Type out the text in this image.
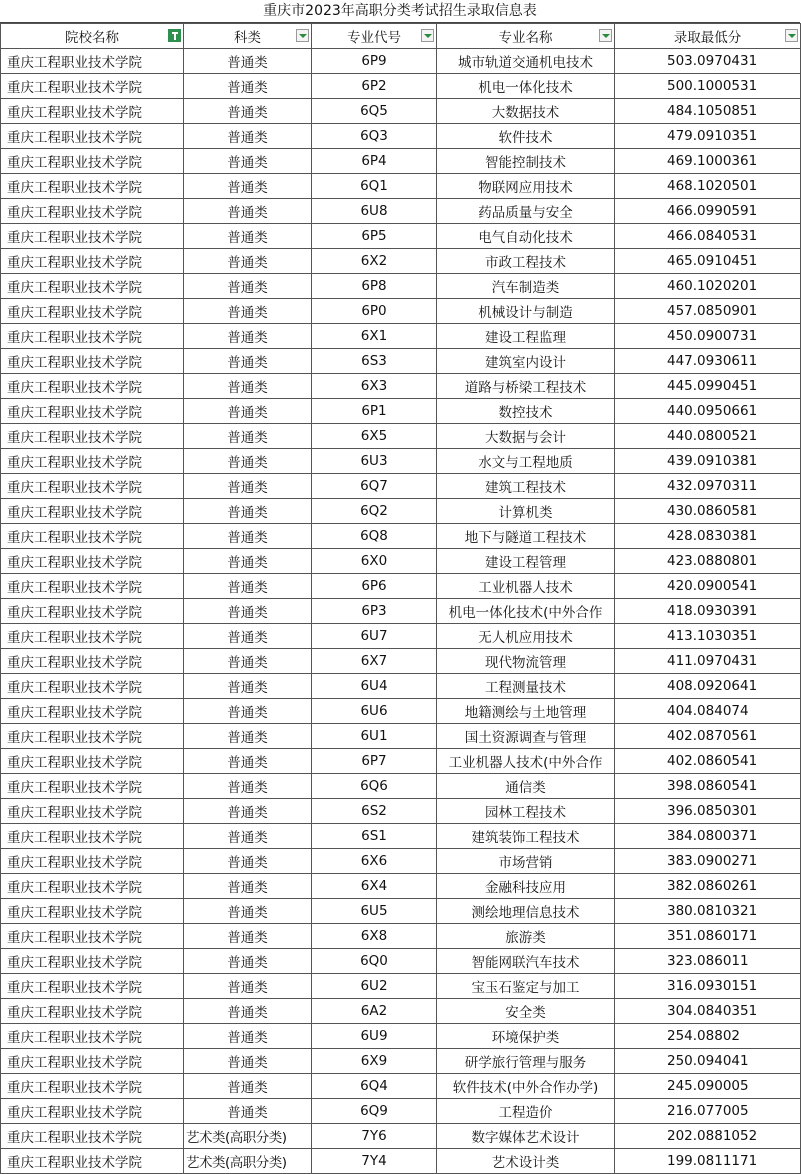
重庆市2023年高职分类考试招生录取信息表
院校名称	科类	专业代号	专业名称	录取最低分

重庆工程职业技术学院	普通类	6P9	城市轨道交通机电技术	503.0970431
重庆工程职业技术学院	普通类	6P2	机电一体化技术	500.1000531
重庆工程职业技术学院	普通类	6Q5	大数据技术	484.1050851
重庆工程职业技术学院	普通类	6Q3	软件技术	479.0910351
重庆工程职业技术学院	普通类	6P4	智能控制技术	469.1000361
重庆工程职业技术学院	普通类	6Q1	物联网应用技术	468.1020501
重庆工程职业技术学院	普通类	6U8	药品质量与安全	466.0990591
重庆工程职业技术学院	普通类	6P5	电气自动化技术	466.0840531
重庆工程职业技术学院	普通类	6X2	市政工程技术	465.0910451
重庆工程职业技术学院	普通类	6P8	汽车制造类	460.1020201
重庆工程职业技术学院	普通类	6P0	机械设计与制造	457.0850901
重庆工程职业技术学院	普通类	6X1	建设工程监理	450.0900731
重庆工程职业技术学院	普通类	6S3	建筑室内设计	447.0930611
重庆工程职业技术学院	普通类	6X3	道路与桥梁工程技术	445.0990451
重庆工程职业技术学院	普通类	6P1	数控技术	440.0950661
重庆工程职业技术学院	普通类	6X5	大数据与会计	440.0800521
重庆工程职业技术学院	普通类	6U3	水文与工程地质	439.0910381
重庆工程职业技术学院	普通类	6Q7	建筑工程技术	432.0970311
重庆工程职业技术学院	普通类	6Q2	计算机类	430.0860581
重庆工程职业技术学院	普通类	6Q8	地下与隧道工程技术	428.0830381
重庆工程职业技术学院	普通类	6X0	建设工程管理	423.0880801
重庆工程职业技术学院	普通类	6P6	工业机器人技术	420.0900541
重庆工程职业技术学院	普通类	6P3	机电一体化技术(中外合作	418.0930391
重庆工程职业技术学院	普通类	6U7	无人机应用技术	413.1030351
重庆工程职业技术学院	普通类	6X7	现代物流管理	411.0970431
重庆工程职业技术学院	普通类	6U4	工程测量技术	408.0920641
重庆工程职业技术学院	普通类	6U6	地籍测绘与土地管理	404.084074
重庆工程职业技术学院	普通类	6U1	国土资源调查与管理	402.0870561
重庆工程职业技术学院	普通类	6P7	工业机器人技术(中外合作	402.0860541
重庆工程职业技术学院	普通类	6Q6	通信类	398.0860541
重庆工程职业技术学院	普通类	6S2	园林工程技术	396.0850301
重庆工程职业技术学院	普通类	6S1	建筑装饰工程技术	384.0800371
重庆工程职业技术学院	普通类	6X6	市场营销	383.0900271
重庆工程职业技术学院	普通类	6X4	金融科技应用	382.0860261
重庆工程职业技术学院	普通类	6U5	测绘地理信息技术	380.0810321
重庆工程职业技术学院	普通类	6X8	旅游类	351.0860171
重庆工程职业技术学院	普通类	6Q0	智能网联汽车技术	323.086011
重庆工程职业技术学院	普通类	6U2	宝玉石鉴定与加工	316.0930151
重庆工程职业技术学院	普通类	6A2	安全类	304.0840351
重庆工程职业技术学院	普通类	6U9	环境保护类	254.08802
重庆工程职业技术学院	普通类	6X9	研学旅行管理与服务	250.094041
重庆工程职业技术学院	普通类	6Q4	软件技术(中外合作办学)	245.090005
重庆工程职业技术学院	普通类	6Q9	工程造价	216.077005
重庆工程职业技术学院	艺术类(高职分类)	7Y6	数字媒体艺术设计	202.0881052
重庆工程职业技术学院	艺术类(高职分类)	7Y4	艺术设计类	199.0811171
